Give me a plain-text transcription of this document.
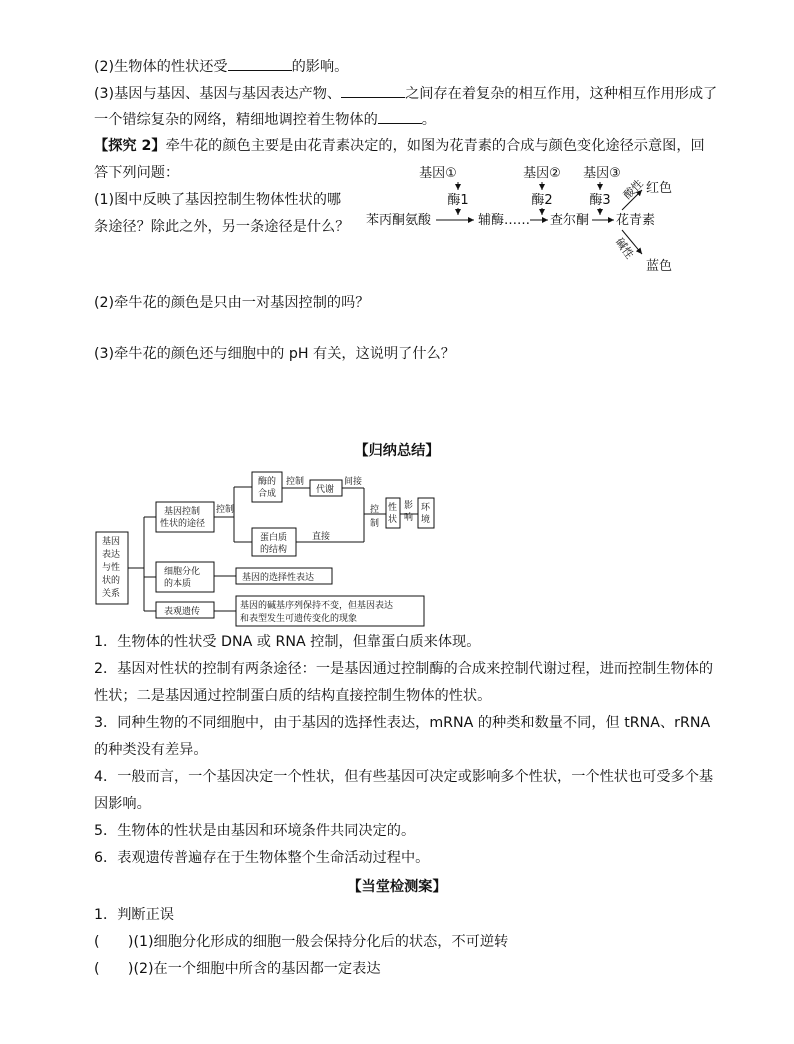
(2)生物体的性状还受	的影响。
(3)基因与基因、基因与基因表达产物、	之间存在着复杂的相互作用，这种相互作用形成了
一个错综复杂的网络，精细地调控着生物体的	。
【探究 2】牵牛花的颜色主要是由花青素决定的，如图为花青素的合成与颜色变化途径示意图，回
答下列问题：
(1)图中反映了基因控制生物体性状的哪
条途径？除此之外，另一条途径是什么？
(2)牵牛花的颜色是只由一对基因控制的吗？
(3)牵牛花的颜色还与细胞中的 pH 有关，这说明了什么？
基因①
酶1
基因②
酶2
基因③
酶3
苯丙酮氨酸	辅酶…… 查尔酮 花青素
酸性 红色
碱性
蓝色
【归纳总结】
基因
表达
与性
状的
关系
基因控制
性状的途径
细胞分化
的本质
表观遗传
控制
酶的
合成
控制
代谢
间接
蛋白质
的结构
直接
控
制
性
状
影
响
环
境
基因的选择性表达
基因的碱基序列保持不变，但基因表达
和表型发生可遗传变化的现象
1．生物体的性状受 DNA 或 RNA 控制，但靠蛋白质来体现。
2．基因对性状的控制有两条途径：一是基因通过控制酶的合成来控制代谢过程，进而控制生物体的
性状；二是基因通过控制蛋白质的结构直接控制生物体的性状。
3．同种生物的不同细胞中，由于基因的选择性表达，mRNA 的种类和数量不同，但 tRNA、rRNA
的种类没有差异。
4．一般而言，一个基因决定一个性状，但有些基因可决定或影响多个性状，一个性状也可受多个基
因影响。
5．生物体的性状是由基因和环境条件共同决定的。
6．表观遗传普遍存在于生物体整个生命活动过程中。
【当堂检测案】
1．判断正误
(　　)(1)细胞分化形成的细胞一般会保持分化后的状态，不可逆转
(　　)(2)在一个细胞中所含的基因都一定表达
